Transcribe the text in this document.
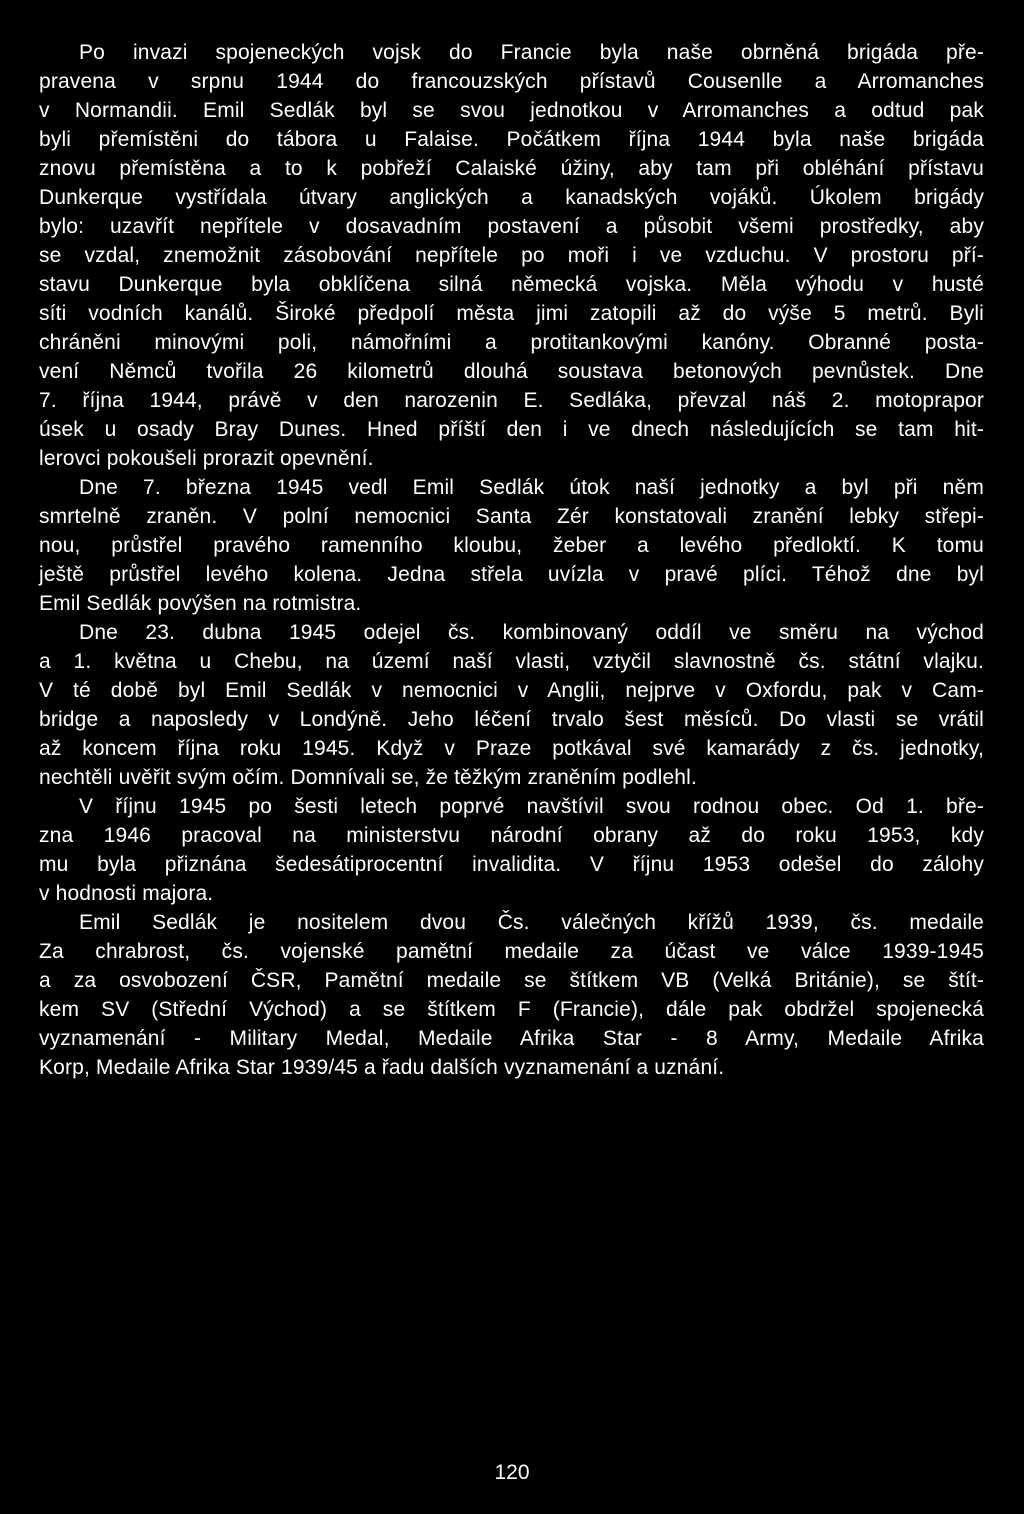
Po invazi spojeneckých vojsk do Francie byla naše obrněná brigáda pře-
pravena v srpnu 1944 do francouzských přístavů Cousenlle a Arromanches
v Normandii. Emil Sedlák byl se svou jednotkou v Arromanches a odtud pak
byli přemístěni do tábora u Falaise. Počátkem října 1944 byla naše brigáda
znovu přemístěna a to k pobřeží Calaiské úžiny, aby tam při obléhání přístavu
Dunkerque vystřídala útvary anglických a kanadských vojáků. Úkolem brigády
bylo: uzavřít nepřítele v dosavadním postavení a působit všemi prostředky, aby
se vzdal, znemožnit zásobování nepřítele po moři i ve vzduchu. V prostoru pří-
stavu Dunkerque byla obklíčena silná německá vojska. Měla výhodu v husté
síti vodních kanálů. Široké předpolí města jimi zatopili až do výše 5 metrů. Byli
chráněni minovými poli, námořními a protitankovými kanóny. Obranné posta-
vení Němců tvořila 26 kilometrů dlouhá soustava betonových pevnůstek. Dne
7. října 1944, právě v den narozenin E. Sedláka, převzal náš 2. motoprapor
úsek u osady Bray Dunes. Hned příští den i ve dnech následujících se tam hit-
lerovci pokoušeli prorazit opevnění.
Dne 7. března 1945 vedl Emil Sedlák útok naší jednotky a byl při něm
smrtelně zraněn. V polní nemocnici Santa Zér konstatovali zranění lebky střepi-
nou, průstřel pravého ramenního kloubu, žeber a levého předloktí. K tomu
ještě průstřel levého kolena. Jedna střela uvízla v pravé plíci. Téhož dne byl
Emil Sedlák povýšen na rotmistra.
Dne 23. dubna 1945 odejel čs. kombinovaný oddíl ve směru na východ
a 1. května u Chebu, na území naší vlasti, vztyčil slavnostně čs. státní vlajku.
V té době byl Emil Sedlák v nemocnici v Anglii, nejprve v Oxfordu, pak v Cam-
bridge a naposledy v Londýně. Jeho léčení trvalo šest měsíců. Do vlasti se vrátil
až koncem října roku 1945. Když v Praze potkával své kamarády z čs. jednotky,
nechtěli uvěřit svým očím. Domnívali se, že těžkým zraněním podlehl.
V říjnu 1945 po šesti letech poprvé navštívil svou rodnou obec. Od 1. bře-
zna 1946 pracoval na ministerstvu národní obrany až do roku 1953, kdy
mu byla přiznána šedesátiprocentní invalidita. V říjnu 1953 odešel do zálohy
v hodnosti majora.
Emil Sedlák je nositelem dvou Čs. válečných křížů 1939, čs. medaile
Za chrabrost, čs. vojenské pamětní medaile za účast ve válce 1939-1945
a za osvobození ČSR, Pamětní medaile se štítkem VB (Velká Británie), se štít-
kem SV (Střední Východ) a se štítkem F (Francie), dále pak obdržel spojenecká
vyznamenání - Military Medal, Medaile Afrika Star - 8 Army, Medaile Afrika
Korp, Medaile Afrika Star 1939/45 a řadu dalších vyznamenání a uznání.
120
